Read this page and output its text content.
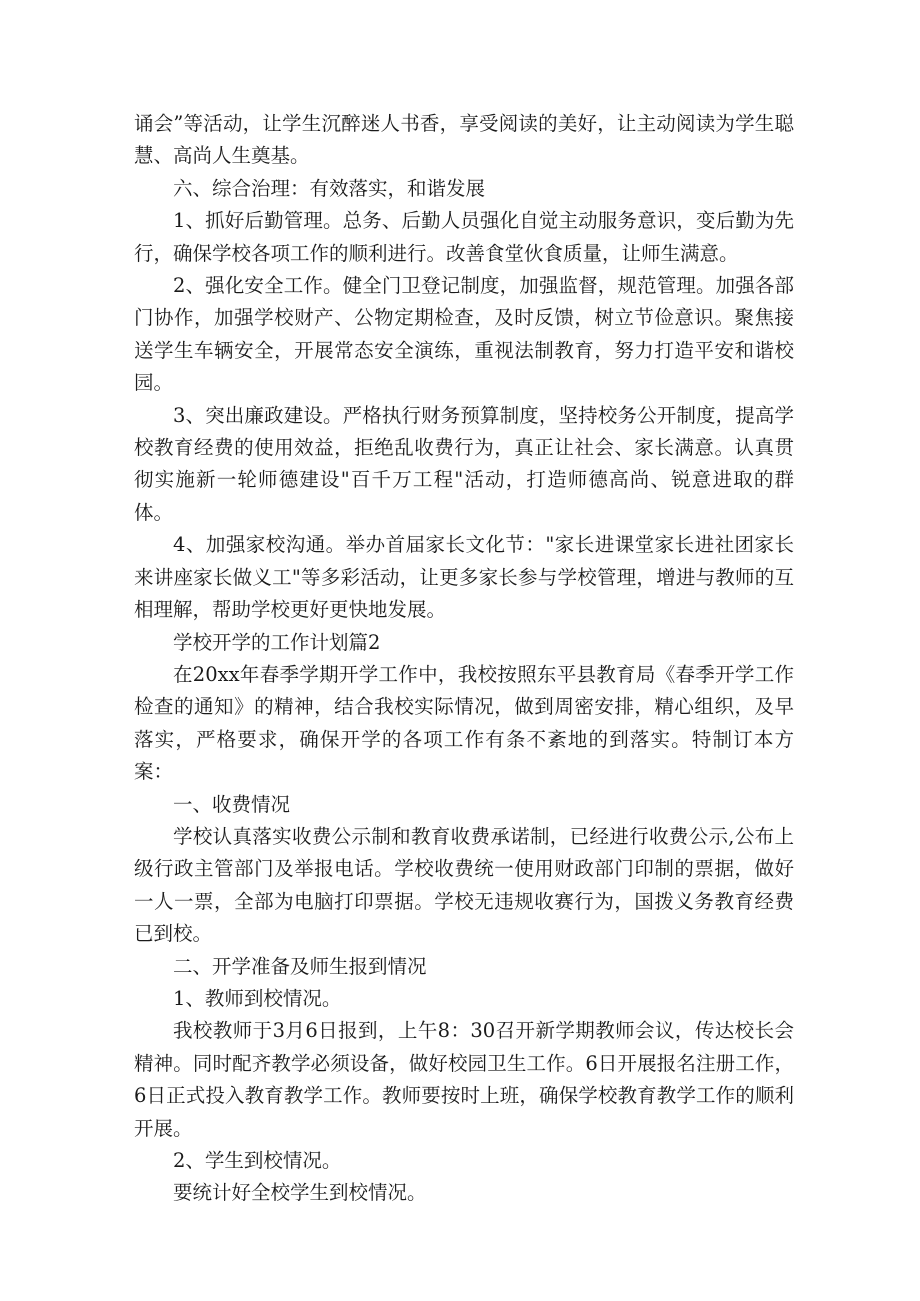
诵会”等活动，让学生沉醉迷人书香，享受阅读的美好，让主动阅读为学生聪慧、高尚人生奠基。

六、综合治理：有效落实，和谐发展

1、抓好后勤管理。总务、后勤人员强化自觉主动服务意识，变后勤为先行，确保学校各项工作的顺利进行。改善食堂伙食质量，让师生满意。

2、强化安全工作。健全门卫登记制度，加强监督，规范管理。加强各部门协作，加强学校财产、公物定期检查，及时反馈，树立节俭意识。聚焦接送学生车辆安全，开展常态安全演练，重视法制教育，努力打造平安和谐校园。

3、突出廉政建设。严格执行财务预算制度，坚持校务公开制度，提高学校教育经费的使用效益，拒绝乱收费行为，真正让社会、家长满意。认真贯彻实施新一轮师德建设"百千万工程"活动，打造师德高尚、锐意进取的群体。

4、加强家校沟通。举办首届家长文化节："家长进课堂家长进社团家长来讲座家长做义工"等多彩活动，让更多家长参与学校管理，增进与教师的互相理解，帮助学校更好更快地发展。

学校开学的工作计划篇2

在20xx年春季学期开学工作中，我校按照东平县教育局《春季开学工作检查的通知》的精神，结合我校实际情况，做到周密安排，精心组织，及早落实，严格要求，确保开学的各项工作有条不紊地的到落实。特制订本方案：

一、收费情况

学校认真落实收费公示制和教育收费承诺制，已经进行收费公示,公布上级行政主管部门及举报电话。学校收费统一使用财政部门印制的票据，做好一人一票，全部为电脑打印票据。学校无违规收赛行为，国拨义务教育经费已到校。

二、开学准备及师生报到情况

1、教师到校情况。

我校教师于3月6日报到，上午8：30召开新学期教师会议，传达校长会精神。同时配齐教学必须设备，做好校园卫生工作。6日开展报名注册工作，6日正式投入教育教学工作。教师要按时上班，确保学校教育教学工作的顺利开展。

2、学生到校情况。

要统计好全校学生到校情况。
